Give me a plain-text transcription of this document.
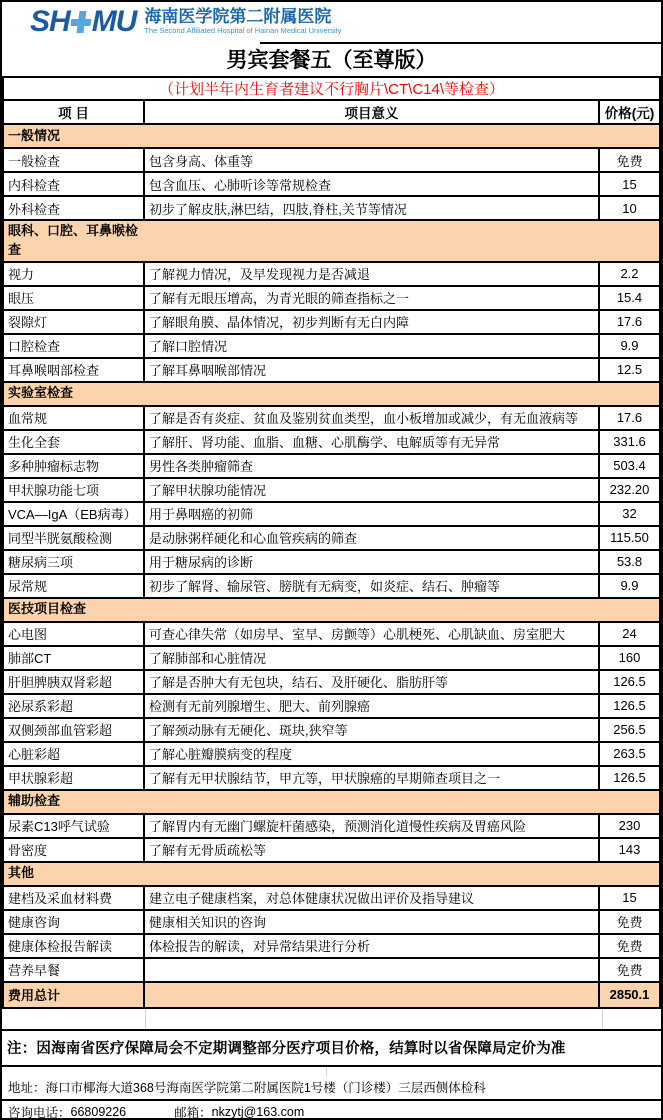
SH MU 海南医学院第二附属医院
The Second Affiliated Hospital of Hainan Medical University
男宾套餐五（至尊版）
（计划半年内生育者建议不行胸片\CT\C14\等检查）		
项 目	项目意义	价格(元)

一般情况		

一般检查	包含身高、体重等	免费
内科检查	包含血压、心肺听诊等常规检查	15
外科检查	初步了解皮肤,淋巴结，四肢,脊柱,关节等情况	10

眼科、口腔、耳鼻喉检查		

视力	了解视力情况，及早发现视力是否减退	2.2
眼压	了解有无眼压增高，为青光眼的筛查指标之一	15.4
裂隙灯	了解眼角膜、晶体情况，初步判断有无白内障	17.6
口腔检查	了解口腔情况	9.9
耳鼻喉咽部检查	了解耳鼻咽喉部情况	12.5

实验室检查		

血常规	了解是否有炎症、贫血及鉴别贫血类型，血小板增加或减少，有无血液病等	17.6
生化全套	了解肝、肾功能、血脂、血糖、心肌酶学、电解质等有无异常	331.6
多种肿瘤标志物	男性各类肿瘤筛查	503.4
甲状腺功能七项	了解甲状腺功能情况	232.20
VCA—IgA（EB病毒）	用于鼻咽癌的初筛	32
同型半胱氨酸检测	是动脉粥样硬化和心血管疾病的筛查	115.50
糖尿病三项	用于糖尿病的诊断	53.8
尿常规	初步了解肾、输尿管、膀胱有无病变，如炎症、结石、肿瘤等	9.9

医技项目检查		

心电图	可查心律失常（如房早、室早、房颤等）心肌梗死、心肌缺血、房室肥大	24
肺部CT	了解肺部和心脏情况	160
肝胆脾胰双肾彩超	了解是否肿大有无包块，结石、及肝硬化、脂肪肝等	126.5
泌尿系彩超	检测有无前列腺增生、肥大、前列腺癌	126.5
双侧颈部血管彩超	了解颈动脉有无硬化、斑块,狭窄等	256.5
心脏彩超	了解心脏瓣膜病变的程度	263.5
甲状腺彩超	了解有无甲状腺结节，甲亢等，甲状腺癌的早期筛查项目之一	126.5

辅助检查		

尿素C13呼气试验	了解胃内有无幽门螺旋杆菌感染，预测消化道慢性疾病及胃癌风险	230
骨密度	了解有无骨质疏松等	143

其他		

建档及采血材料费	建立电子健康档案，对总体健康状况做出评价及指导建议	15
健康咨询	健康相关知识的咨询	免费
健康体检报告解读	体检报告的解读，对异常结果进行分析	免费
营养早餐		免费
费用总计		2850.1
注：因海南省医疗保障局会不定期调整部分医疗项目价格，结算时以省保障局定价为准
地址：海口市椰海大道368号海南医学院第二附属医院1号楼（门诊楼）三层西侧体检科
咨询电话： 66809226	邮箱： nkzytj@163.com
